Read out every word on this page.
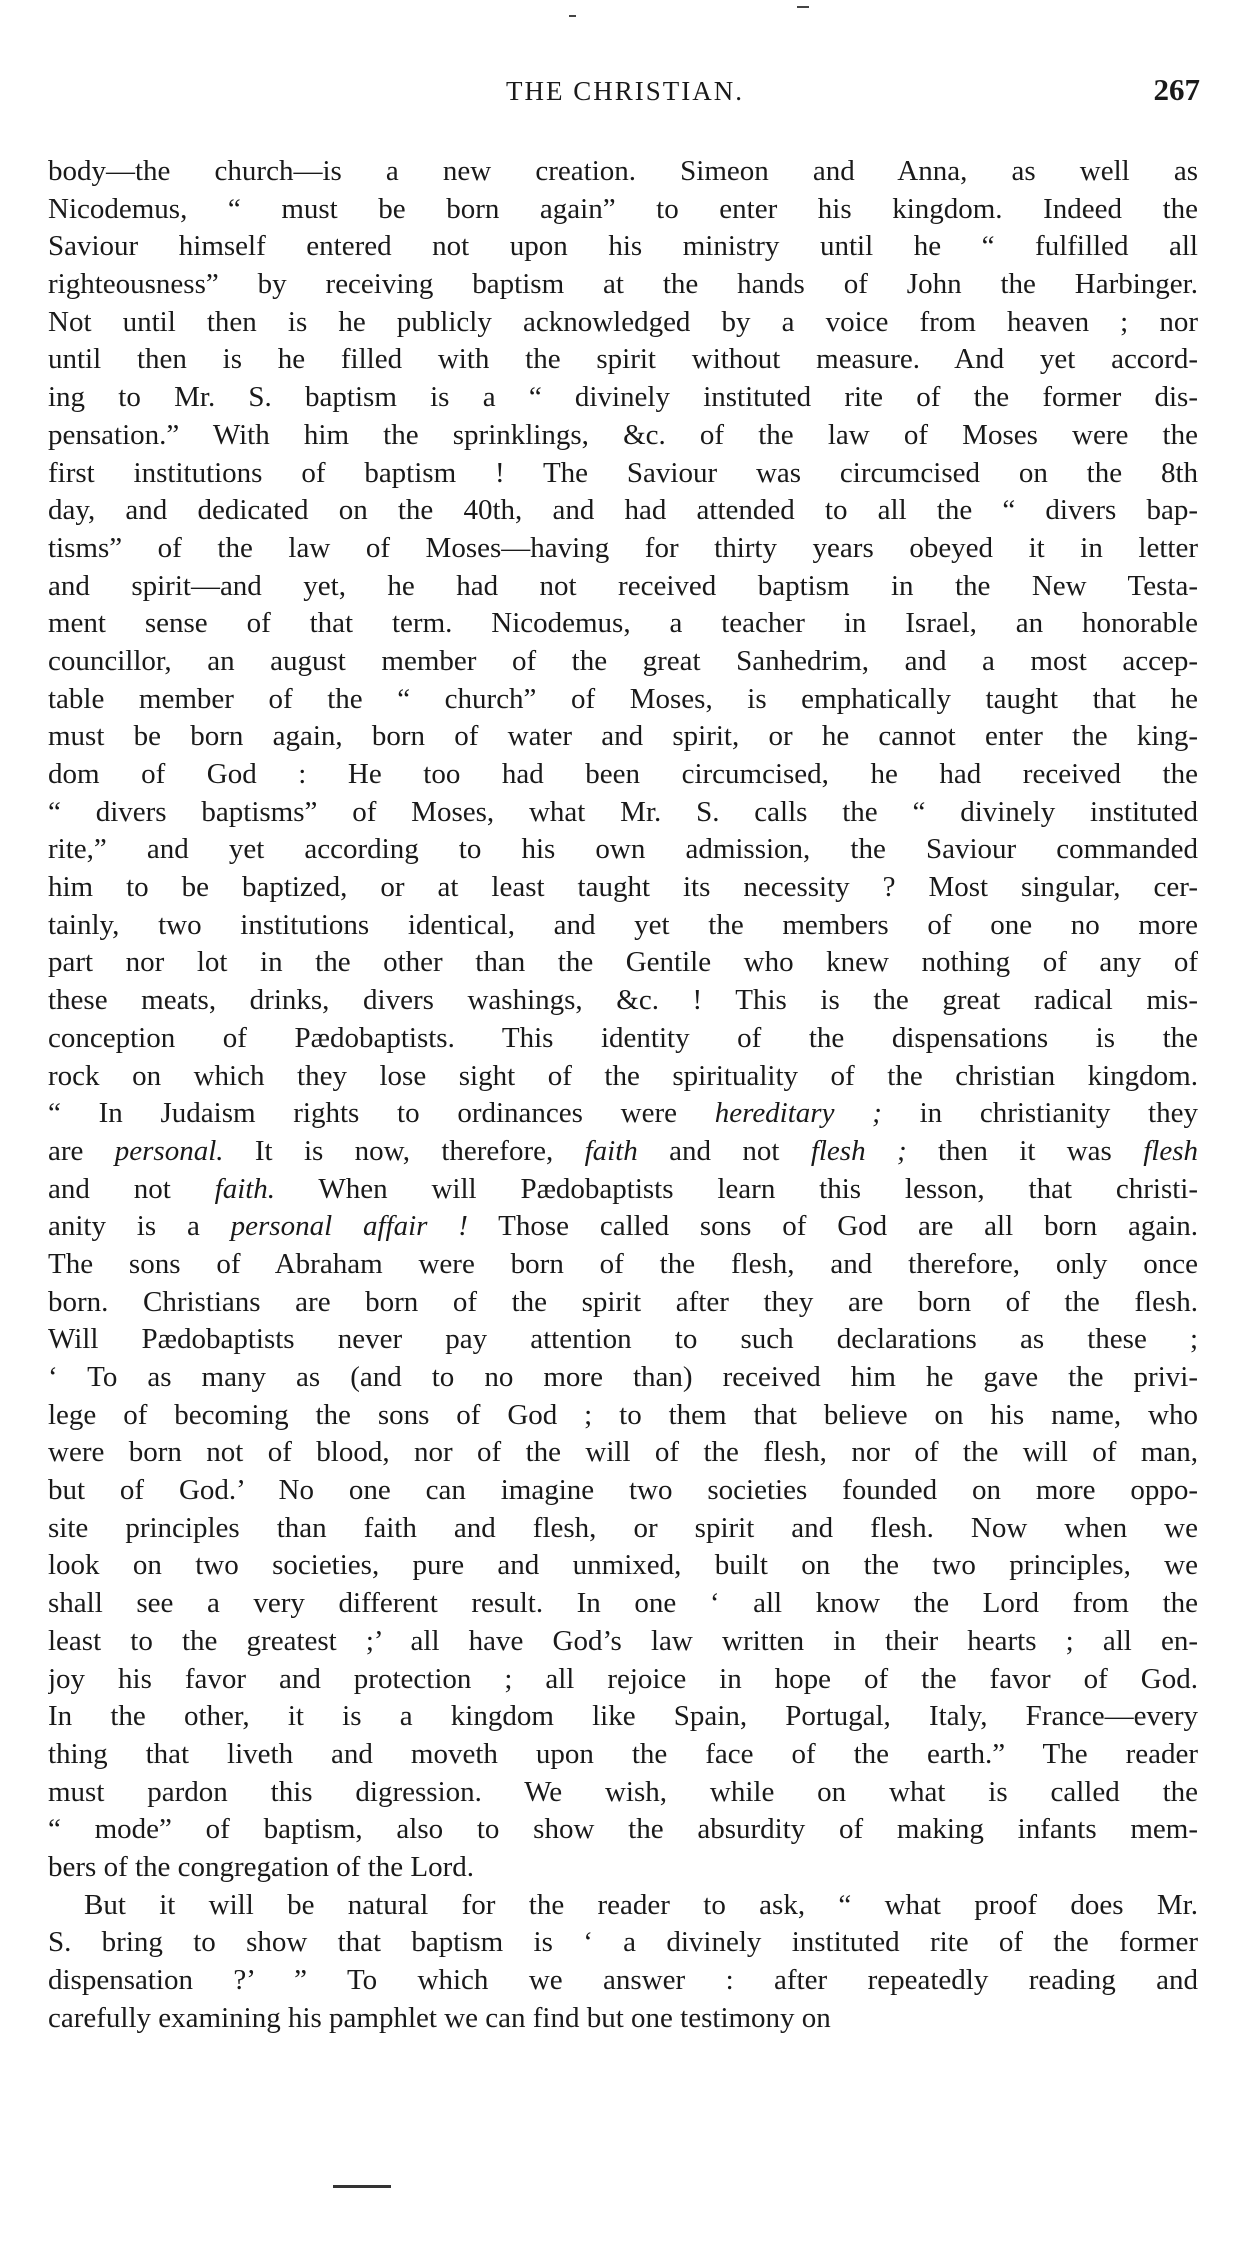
THE CHRISTIAN.	267
body—the church—is a new creation. Simeon and Anna, as well as
Nicodemus, “ must be born again” to enter his kingdom. Indeed the
Saviour himself entered not upon his ministry until he “ fulfilled all
righteousness” by receiving baptism at the hands of John the Harbinger.
Not until then is he publicly acknowledged by a voice from heaven ; nor
until then is he filled with the spirit without measure. And yet accord-
ing to Mr. S. baptism is a “ divinely instituted rite of the former dis-
pensation.” With him the sprinklings, &c. of the law of Moses were the
first institutions of baptism ! The Saviour was circumcised on the 8th
day, and dedicated on the 40th, and had attended to all the “ divers bap-
tisms” of the law of Moses—having for thirty years obeyed it in letter
and spirit—and yet, he had not received baptism in the New Testa-
ment sense of that term. Nicodemus, a teacher in Israel, an honorable
councillor, an august member of the great Sanhedrim, and a most accep-
table member of the “ church” of Moses, is emphatically taught that he
must be born again, born of water and spirit, or he cannot enter the king-
dom of God : He too had been circumcised, he had received the
“ divers baptisms” of Moses, what Mr. S. calls the “ divinely instituted
rite,” and yet according to his own admission, the Saviour commanded
him to be baptized, or at least taught its necessity ? Most singular, cer-
tainly, two institutions identical, and yet the members of one no more
part nor lot in the other than the Gentile who knew nothing of any of
these meats, drinks, divers washings, &c. ! This is the great radical mis-
conception of Pædobaptists. This identity of the dispensations is the
rock on which they lose sight of the spirituality of the christian kingdom.
“ In Judaism rights to ordinances were hereditary ; in christianity they
are personal. It is now, therefore, faith and not flesh ; then it was flesh
and not faith. When will Pædobaptists learn this lesson, that christi-
anity is a personal affair ! Those called sons of God are all born again.
The sons of Abraham were born of the flesh, and therefore, only once
born. Christians are born of the spirit after they are born of the flesh.
Will Pædobaptists never pay attention to such declarations as these ;
‘ To as many as (and to no more than) received him he gave the privi-
lege of becoming the sons of God ; to them that believe on his name, who
were born not of blood, nor of the will of the flesh, nor of the will of man,
but of God.’ No one can imagine two societies founded on more oppo-
site principles than faith and flesh, or spirit and flesh. Now when we
look on two societies, pure and unmixed, built on the two principles, we
shall see a very different result. In one ‘ all know the Lord from the
least to the greatest ;’ all have God’s law written in their hearts ; all en-
joy his favor and protection ; all rejoice in hope of the favor of God.
In the other, it is a kingdom like Spain, Portugal, Italy, France—every
thing that liveth and moveth upon the face of the earth.” The reader
must pardon this digression. We wish, while on what is called the
“ mode” of baptism, also to show the absurdity of making infants mem-
bers of the congregation of the Lord.
But it will be natural for the reader to ask, “ what proof does Mr.
S. bring to show that baptism is ‘ a divinely instituted rite of the former
dispensation ?’ ” To which we answer : after repeatedly reading and
carefully examining his pamphlet we can find but one testimony on
